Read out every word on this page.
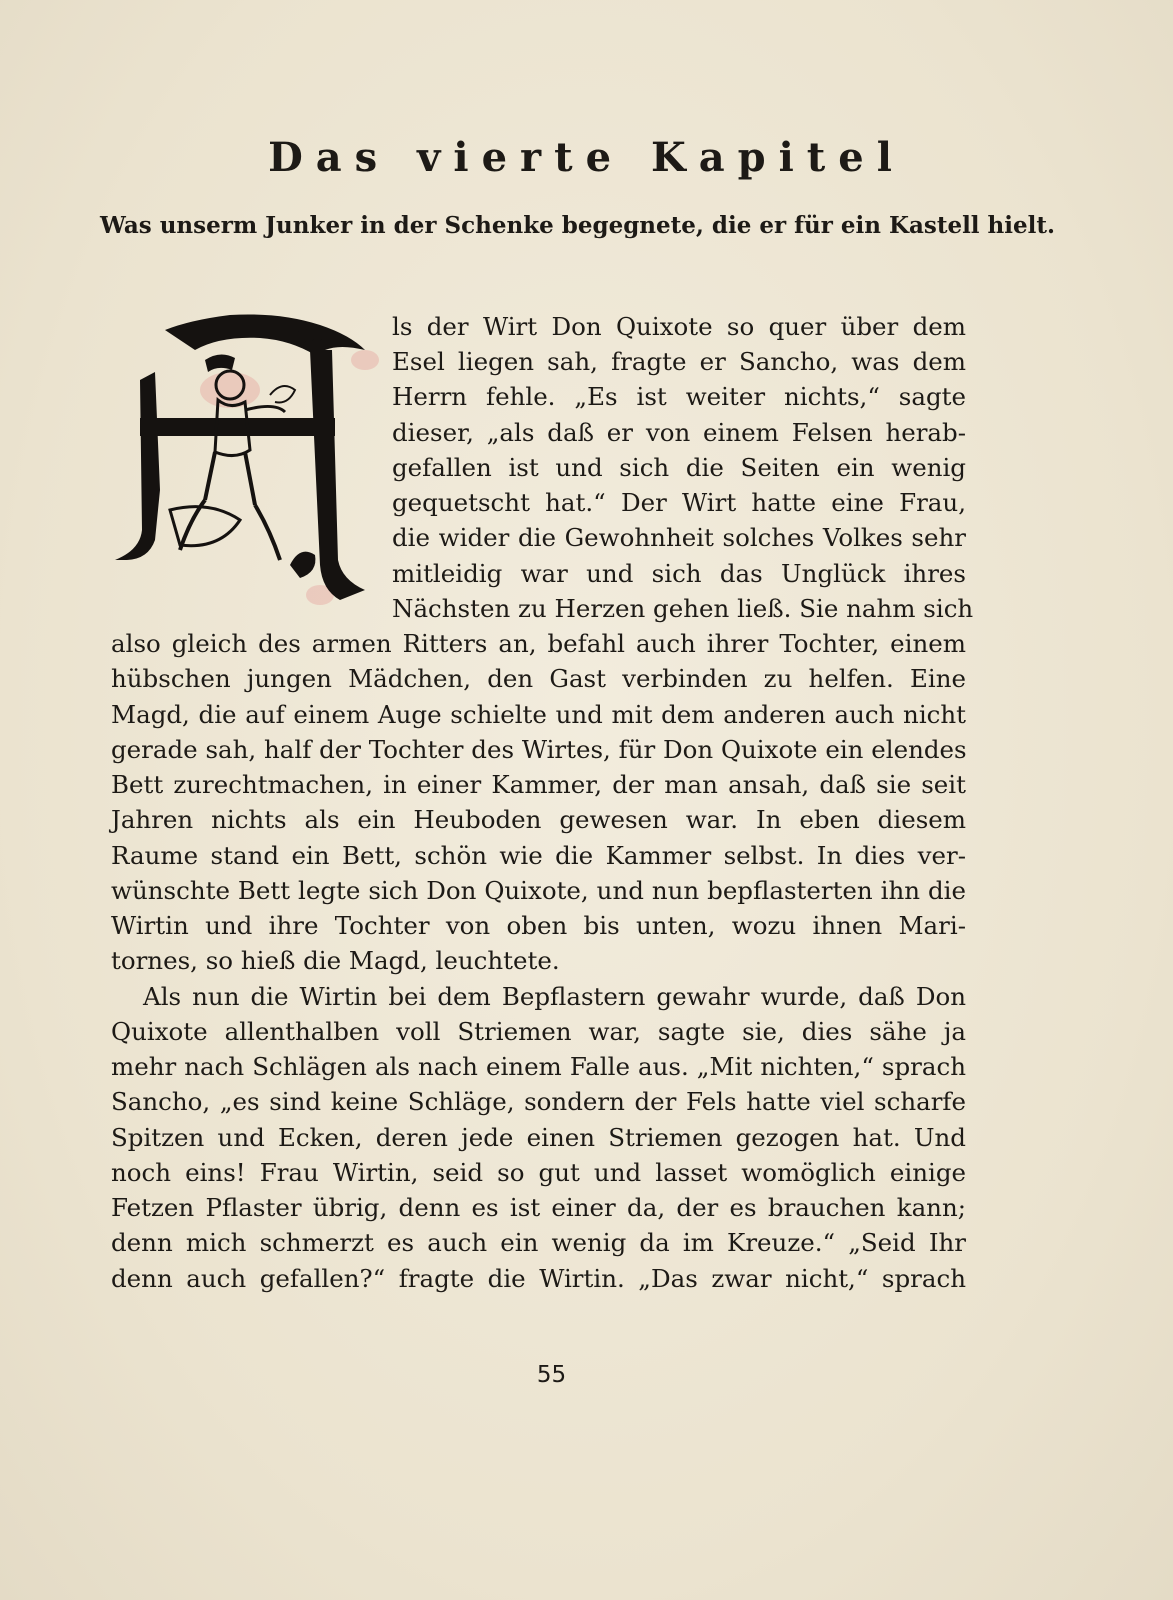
Das vierte Kapitel
Was unserm Junker in der Schenke begegnete, die er für ein Kastell hielt.
ls der Wirt Don Quixote so quer über dem
Esel liegen sah, fragte er Sancho, was dem
Herrn fehle. „Es ist weiter nichts,“ sagte
dieser, „als daß er von einem Felsen herab-
gefallen ist und sich die Seiten ein wenig
gequetscht hat.“ Der Wirt hatte eine Frau,
die wider die Gewohnheit solches Volkes sehr
mitleidig war und sich das Unglück ihres
Nächsten zu Herzen gehen ließ. Sie nahm sich
also gleich des armen Ritters an, befahl auch ihrer Tochter, einem
hübschen jungen Mädchen, den Gast verbinden zu helfen. Eine
Magd, die auf einem Auge schielte und mit dem anderen auch nicht
gerade sah, half der Tochter des Wirtes, für Don Quixote ein elendes
Bett zurechtmachen, in einer Kammer, der man ansah, daß sie seit
Jahren nichts als ein Heuboden gewesen war. In eben diesem
Raume stand ein Bett, schön wie die Kammer selbst. In dies ver-
wünschte Bett legte sich Don Quixote, und nun bepflasterten ihn die
Wirtin und ihre Tochter von oben bis unten, wozu ihnen Mari-
tornes, so hieß die Magd, leuchtete.
Als nun die Wirtin bei dem Bepflastern gewahr wurde, daß Don
Quixote allenthalben voll Striemen war, sagte sie, dies sähe ja
mehr nach Schlägen als nach einem Falle aus. „Mit nichten,“ sprach
Sancho, „es sind keine Schläge, sondern der Fels hatte viel scharfe
Spitzen und Ecken, deren jede einen Striemen gezogen hat. Und
noch eins! Frau Wirtin, seid so gut und lasset womöglich einige
Fetzen Pflaster übrig, denn es ist einer da, der es brauchen kann;
denn mich schmerzt es auch ein wenig da im Kreuze.“ „Seid Ihr
denn auch gefallen?“ fragte die Wirtin. „Das zwar nicht,“ sprach
55
